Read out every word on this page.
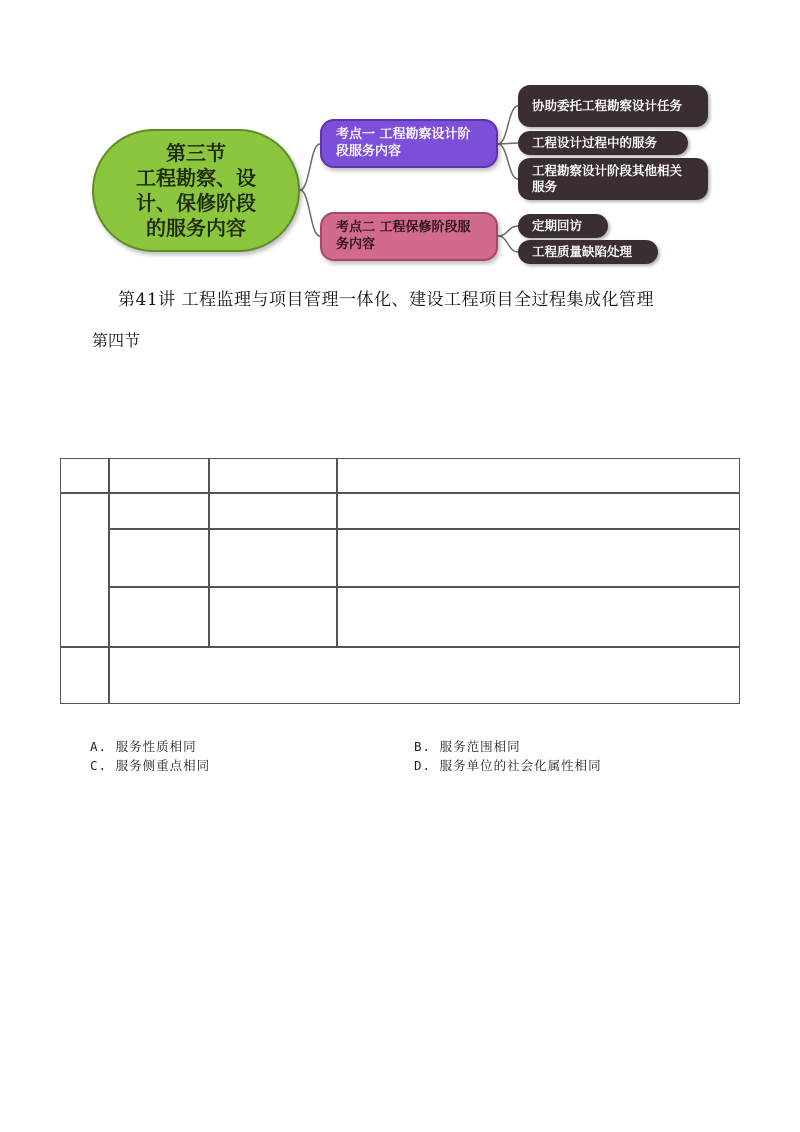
第三节
工程勘察、设
计、保修阶段
的服务内容
考点一 工程勘察设计阶段服务内容
考点二 工程保修阶段服务内容
协助委托工程勘察设计任务
工程设计过程中的服务
工程勘察设计阶段其他相关服务
定期回访
工程质量缺陷处理
第41讲 工程监理与项目管理一体化、建设工程项目全过程集成化管理
第四节
A. 服务性质相同	B. 服务范围相同
C. 服务侧重点相同	D. 服务单位的社会化属性相同
